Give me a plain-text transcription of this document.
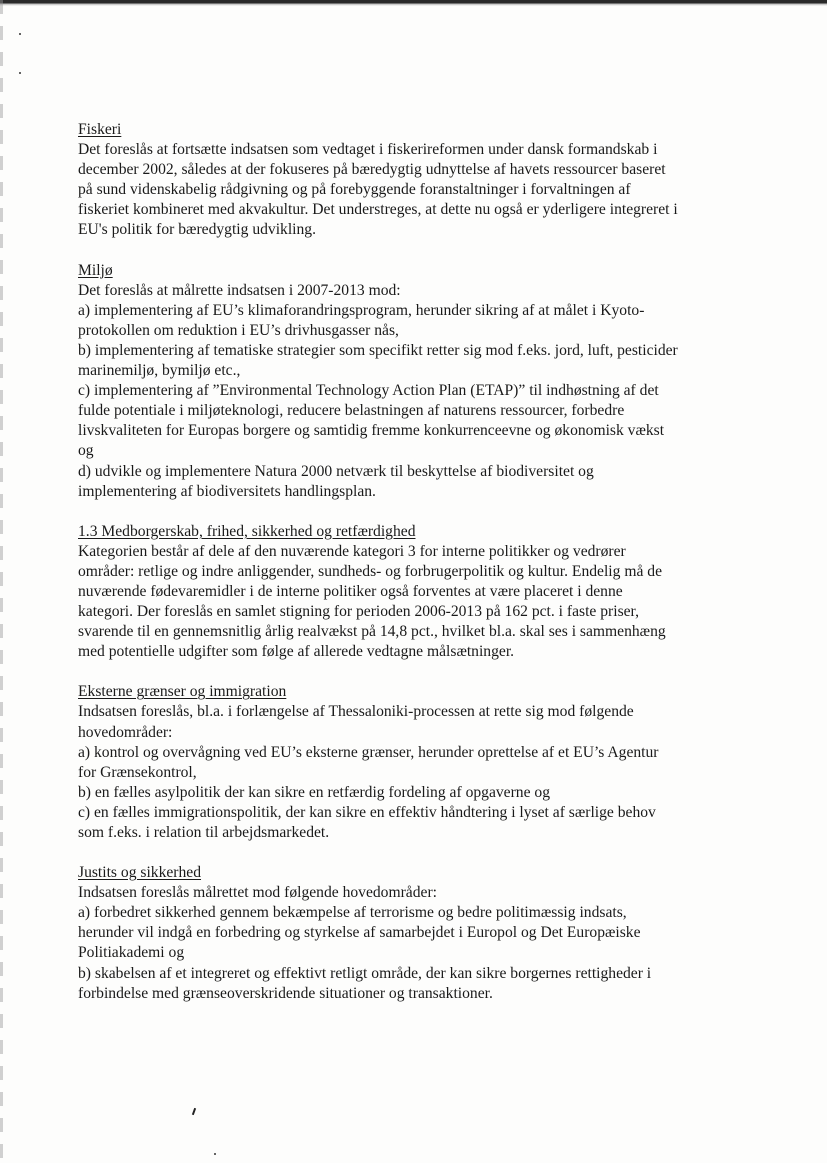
Fiskeri
Det foreslås at fortsætte indsatsen som vedtaget i fiskerireformen under dansk formandskab i
december 2002, således at der fokuseres på bæredygtig udnyttelse af havets ressourcer baseret
på sund videnskabelig rådgivning og på forebyggende foranstaltninger i forvaltningen af
fiskeriet kombineret med akvakultur. Det understreges, at dette nu også er yderligere integreret i
EU's politik for bæredygtig udvikling.
Miljø
Det foreslås at målrette indsatsen i 2007-2013 mod:
a) implementering af EU’s klimaforandringsprogram, herunder sikring af at målet i Kyoto-
protokollen om reduktion i EU’s drivhusgasser nås,
b) implementering af tematiske strategier som specifikt retter sig mod f.eks. jord, luft, pesticider
marinemiljø, bymiljø etc.,
c) implementering af ”Environmental Technology Action Plan (ETAP)” til indhøstning af det
fulde potentiale i miljøteknologi, reducere belastningen af naturens ressourcer, forbedre
livskvaliteten for Europas borgere og samtidig fremme konkurrenceevne og økonomisk vækst
og
d) udvikle og implementere Natura 2000 netværk til beskyttelse af biodiversitet og
implementering af biodiversitets handlingsplan.
1.3 Medborgerskab, frihed, sikkerhed og retfærdighed
Kategorien består af dele af den nuværende kategori 3 for interne politikker og vedrører
områder: retlige og indre anliggender, sundheds- og forbrugerpolitik og kultur. Endelig må de
nuværende fødevaremidler i de interne politiker også forventes at være placeret i denne
kategori. Der foreslås en samlet stigning for perioden 2006-2013 på 162 pct. i faste priser,
svarende til en gennemsnitlig årlig realvækst på 14,8 pct., hvilket bl.a. skal ses i sammenhæng
med potentielle udgifter som følge af allerede vedtagne målsætninger.
Eksterne grænser og immigration
Indsatsen foreslås, bl.a. i forlængelse af Thessaloniki-processen at rette sig mod følgende
hovedområder:
a) kontrol og overvågning ved EU’s eksterne grænser, herunder oprettelse af et EU’s Agentur
for Grænsekontrol,
b) en fælles asylpolitik der kan sikre en retfærdig fordeling af opgaverne og
c) en fælles immigrationspolitik, der kan sikre en effektiv håndtering i lyset af særlige behov
som f.eks. i relation til arbejdsmarkedet.
Justits og sikkerhed
Indsatsen foreslås målrettet mod følgende hovedområder:
a) forbedret sikkerhed gennem bekæmpelse af terrorisme og bedre politimæssig indsats,
herunder vil indgå en forbedring og styrkelse af samarbejdet i Europol og Det Europæiske
Politiakademi og
b) skabelsen af et integreret og effektivt retligt område, der kan sikre borgernes rettigheder i
forbindelse med grænseoverskridende situationer og transaktioner.
